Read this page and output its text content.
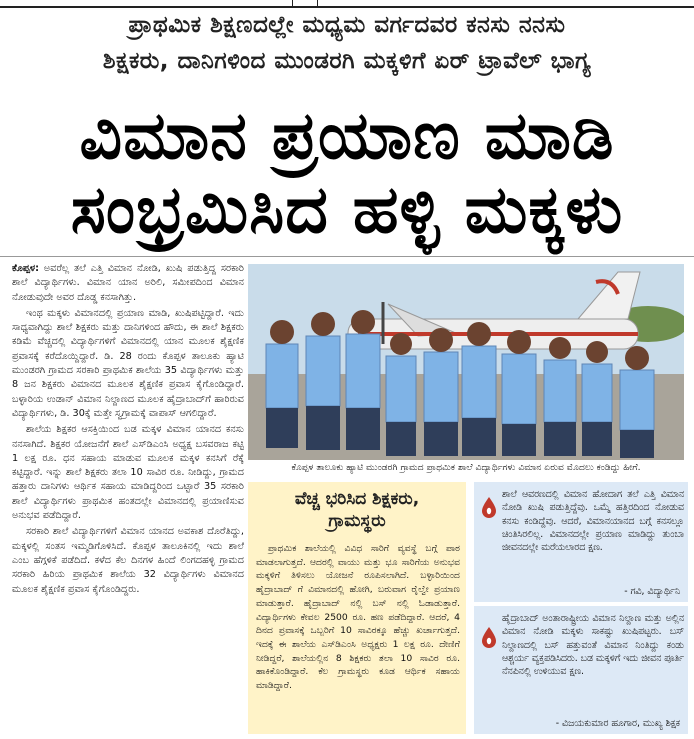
ಪ್ರಾಥಮಿಕ ಶಿಕ್ಷಣದಲ್ಲೇ ಮಧ್ಯಮ ವರ್ಗದವರ ಕನಸು ನನಸು
ಶಿಕ್ಷಕರು, ದಾನಿಗಳಿಂದ ಮುಂಡರಗಿ ಮಕ್ಕಳಿಗೆ ಏರ್ ಟ್ರಾವೆಲ್ ಭಾಗ್ಯ
ವಿಮಾನ ಪ್ರಯಾಣ ಮಾಡಿ
ಸಂಭ್ರಮಿಸಿದ ಹಳ್ಳಿ ಮಕ್ಕಳು

ಕೊಪ್ಪಳ: ಅವರೆಲ್ಲ ತಲೆ ಎತ್ತಿ ವಿಮಾನ ನೋಡಿ, ಖುಷಿ ಪಡುತ್ತಿದ್ದ ಸರಕಾರಿ ಶಾಲೆ ವಿದ್ಯಾರ್ಥಿಗಳು. ವಿಮಾನ ಯಾನ ಅರಿಲಿ, ಸಮೀಪದಿಂದ ವಿಮಾನ ನೋಡುವುದೇ ಅವರ ದೊಡ್ಡ ಕನಸಾಗಿತ್ತು.

ಇಂಥ ಮಕ್ಕಳು ವಿಮಾನದಲ್ಲಿ ಪ್ರಯಾಣ ಮಾಡಿ, ಖುಷಿಪಟ್ಟಿದ್ದಾರೆ. ಇದು ಸಾಧ್ಯವಾಗಿದ್ದು ಶಾಲೆ ಶಿಕ್ಷಕರು ಮತ್ತು ದಾನಿಗಳಿಂದ ಹೌದು, ಈ ಶಾಲೆ ಶಿಕ್ಷಕರು ಕಡಿಮೆ ವೆಚ್ಚದಲ್ಲಿ ವಿದ್ಯಾರ್ಥಿಗಳಿಗೆ ವಿಮಾನದಲ್ಲಿ ಯಾನ ಮೂಲಕ ಶೈಕ್ಷಣಿಕ ಪ್ರವಾಸಕ್ಕೆ ಕರೆದೊಯ್ದಿದ್ದಾರೆ. ಡಿ. 28 ರಂದು ಕೊಪ್ಪಳ ತಾಲೂಕು ಹ್ಯಾಟಿ ಮುಂಡರಗಿ ಗ್ರಾಮದ ಸರಕಾರಿ ಪ್ರಾಥಮಿಕ ಶಾಲೆಯ 35 ವಿದ್ಯಾರ್ಥಿಗಳು ಮತ್ತು 8 ಜನ ಶಿಕ್ಷಕರು ವಿಮಾನದ ಮೂಲಕ ಶೈಕ್ಷಣಿಕ ಪ್ರವಾಸ ಕೈಗೊಂಡಿದ್ದಾರೆ. ಬಳ್ಳಾರಿಯ ಉಡಾನ್ ವಿಮಾನ ನಿಲ್ದಾಣದ ಮೂಲಕ ಹೈದ್ರಾಬಾದ್‌ಗೆ ಹಾರಿರುವ ವಿದ್ಯಾರ್ಥಿಗಳು, ಡಿ. 30ಕ್ಕೆ ಮತ್ತೇ ಸ್ವಗ್ರಾಮಕ್ಕೆ ವಾಪಾಸ್ ಆಗಲಿದ್ದಾರೆ.

ಶಾಲೆಯ ಶಿಕ್ಷಕರ ಆಸಕ್ತಿಯಿಂದ ಬಡ ಮಕ್ಕಳ ವಿಮಾನ ಯಾನದ ಕನಸು ನನಸಾಗಿದೆ. ಶಿಕ್ಷಕರ ಯೋಜನೆಗೆ ಶಾಲೆ ಎಸ್‌ಡಿಎಂಸಿ ಅಧ್ಯಕ್ಷ ಬಸವರಾಜ ಕಟ್ಟಿ 1 ಲಕ್ಷ ರೂ. ಧನ ಸಹಾಯ ಮಾಡುವ ಮೂಲಕ ಮಕ್ಕಳ ಕನಸಿಗೆ ರೆಕ್ಕೆ ಕಟ್ಟಿದ್ದಾರೆ. ಇನ್ನು ಶಾಲೆ ಶಿಕ್ಷಕರು ತಲಾ 10 ಸಾವಿರ ರೂ. ನೀಡಿದ್ದು, ಗ್ರಾಮದ ಹತ್ತಾರು ದಾನಿಗಳು ಆರ್ಥಿಕ ಸಹಾಯ ಮಾಡಿದ್ದರಿಂದ ಒಟ್ಟಾರೆ 35 ಸರಕಾರಿ ಶಾಲೆ ವಿದ್ಯಾರ್ಥಿಗಳು ಪ್ರಾಥಮಿಕ ಹಂತದಲ್ಲೇ ವಿಮಾನದಲ್ಲಿ ಪ್ರಯಾಣಿಸುವ ಅನುಭವ ಪಡೆದಿದ್ದಾರೆ.

ಸರಕಾರಿ ಶಾಲೆ ವಿದ್ಯಾರ್ಥಿಗಳಿಗೆ ವಿಮಾನ ಯಾನದ ಅವಕಾಶ ದೊರೆತಿದ್ದು, ಮಕ್ಕಳಲ್ಲಿ ಸಂತಸ ಇಮ್ಮಡಿಗೊಳಿಸಿದೆ. ಕೊಪ್ಪಳ ತಾಲೂಕಿನಲ್ಲಿ ಇದು ಶಾಲೆ ಎಂಬ ಹೆಗ್ಗಳಿಕೆ ಪಡೆದಿದೆ. ಕಳೆದ ಕೆಲ ದಿನಗಳ ಹಿಂದೆ ಲಿಂಗದಹಳ್ಳಿ ಗ್ರಾಮದ ಸರಕಾರಿ ಹಿರಿಯ ಪ್ರಾಥಮಿಕ ಶಾಲೆಯ 32 ವಿದ್ಯಾರ್ಥಿಗಳು ವಿಮಾನದ ಮೂಲಕ ಶೈಕ್ಷಣಿಕ ಪ್ರವಾಸ ಕೈಗೊಂಡಿದ್ದರು.

ಕೊಪ್ಪಳ ತಾಲೂಕು ಹ್ಯಾಟಿ ಮುಂಡರಗಿ ಗ್ರಾಮದ ಪ್ರಾಥಮಿಕ ಶಾಲೆ ವಿದ್ಯಾರ್ಥಿಗಳು ವಿಮಾನ ಏರುವ ಮೊದಲು ಕಂಡಿದ್ದು ಹೀಗೆ.
ವೆಚ್ಚ ಭರಿಸಿದ ಶಿಕ್ಷಕರು,
ಗ್ರಾಮಸ್ಥರು
ಪ್ರಾಥಮಿಕ ಶಾಲೆಯಲ್ಲಿ ವಿವಿಧ ಸಾರಿಗೆ ವ್ಯವಸ್ಥೆ ಬಗ್ಗೆ ಪಾಠ ಮಾಡಲಾಗುತ್ತದೆ. ಆದರಲ್ಲಿ ವಾಯು ಮತ್ತು ಭೂ ಸಾರಿಗೆಯ ಅನುಭವ ಮಕ್ಕಳಿಗೆ ತಿಳಿಸಲು ಯೋಜನೆ ರೂಪಿಸಲಾಗಿದೆ. ಬಳ್ಳಾರಿಯಿಂದ ಹೈದ್ರಾಬಾದ್ ಗೆ ವಿಮಾನದಲ್ಲಿ ಹೋಗಿ, ಬರುವಾಗ ರೈಲ್ವೇ ಪ್ರಯಾಣ ಮಾಡುತ್ತಾರೆ. ಹೈದ್ರಾಬಾದ್ ನಲ್ಲಿ ಬಸ್ ನಲ್ಲಿ ಓಡಾಡುತ್ತಾರೆ. ವಿದ್ಯಾರ್ಥಿಗಳು ಕೇವಲ 2500 ರೂ. ಹಣ ಪಡೆದಿದ್ದಾರೆ. ಆದರೆ, 4 ದಿನದ ಪ್ರವಾಸಕ್ಕೆ ಒಬ್ಬರಿಗೆ 10 ಸಾವಿರಕ್ಕೂ ಹೆಚ್ಚು ಖರ್ಚಾಗುತ್ತದೆ. ಇದಕ್ಕೆ ಈ ಶಾಲೆಯ ಎಸ್‌ಡಿಎಂಸಿ ಅಧ್ಯಕ್ಷರು 1 ಲಕ್ಷ ರೂ. ದೇಣಿಗೆ ನೀಡಿದ್ದರೆ, ಶಾಲೆಯಲ್ಲಿನ 8 ಶಿಕ್ಷಕರು ತಲಾ 10 ಸಾವಿರ ರೂ. ಹಾಕಿಕೊಂಡಿದ್ದಾರೆ. ಕೆಲ ಗ್ರಾಮಸ್ಥರು ಕೂಡ ಆರ್ಥಿಕ ಸಹಾಯ ಮಾಡಿದ್ದಾರೆ.
ಶಾಲೆ ಆವರಣದಲ್ಲಿ ವಿಮಾನ ಹೋದಾಗ ತಲೆ ಎತ್ತಿ ವಿಮಾನ ನೋಡಿ ಖುಷಿ ಪಡುತ್ತಿದ್ದೆವು. ಒಮ್ಮೆ ಹತ್ತಿರದಿಂದ ನೋಡುವ ಕನಸು ಕಂಡಿದ್ದೆವು. ಆದರೆ, ವಿಮಾನಯಾನದ ಬಗ್ಗೆ ಕನಸಲ್ಲೂ ಚಿಂತಿಸಿರಲಿಲ್ಲ. ವಿಮಾನದಲ್ಲೇ ಪ್ರಯಾಣ ಮಾಡಿದ್ದು ತುಂಬಾ ಜೀವನದಲ್ಲೇ ಮರೆಯಲಾರದ ಕ್ಷಣ.
- ಗವಿ, ವಿದ್ಯಾರ್ಥಿನಿ
ಹೈದ್ರಾಬಾದ್ ಅಂತಾರಾಷ್ಟ್ರೀಯ ವಿಮಾನ ನಿಲ್ದಾಣ ಮತ್ತು ಅಲ್ಲಿನ ವಿಮಾನ ನೋಡಿ ಮಕ್ಕಳು ಸಾಕಷ್ಟು ಖುಷಿಪಟ್ಟರು. ಬಸ್ ನಿಲ್ದಾಣದಲ್ಲಿ ಬಸ್ ಹತ್ತುವಂತೆ ವಿಮಾನ ನಿಂತಿದ್ದು ಕಂಡು ಆಶ್ಚರ್ಯ ವ್ಯಕ್ತಪಡಿಸಿದರು. ಬಡ ಮಕ್ಕಳಿಗೆ ಇದು ಜೀವನ ಪೂರ್ತಿ ನೆನಪಿನಲ್ಲಿ ಉಳಿಯುವ ಕ್ಷಣ.
- ವಿಜಯಕುಮಾರ ಹೂಗಾರ, ಮುಖ್ಯ ಶಿಕ್ಷಕ
